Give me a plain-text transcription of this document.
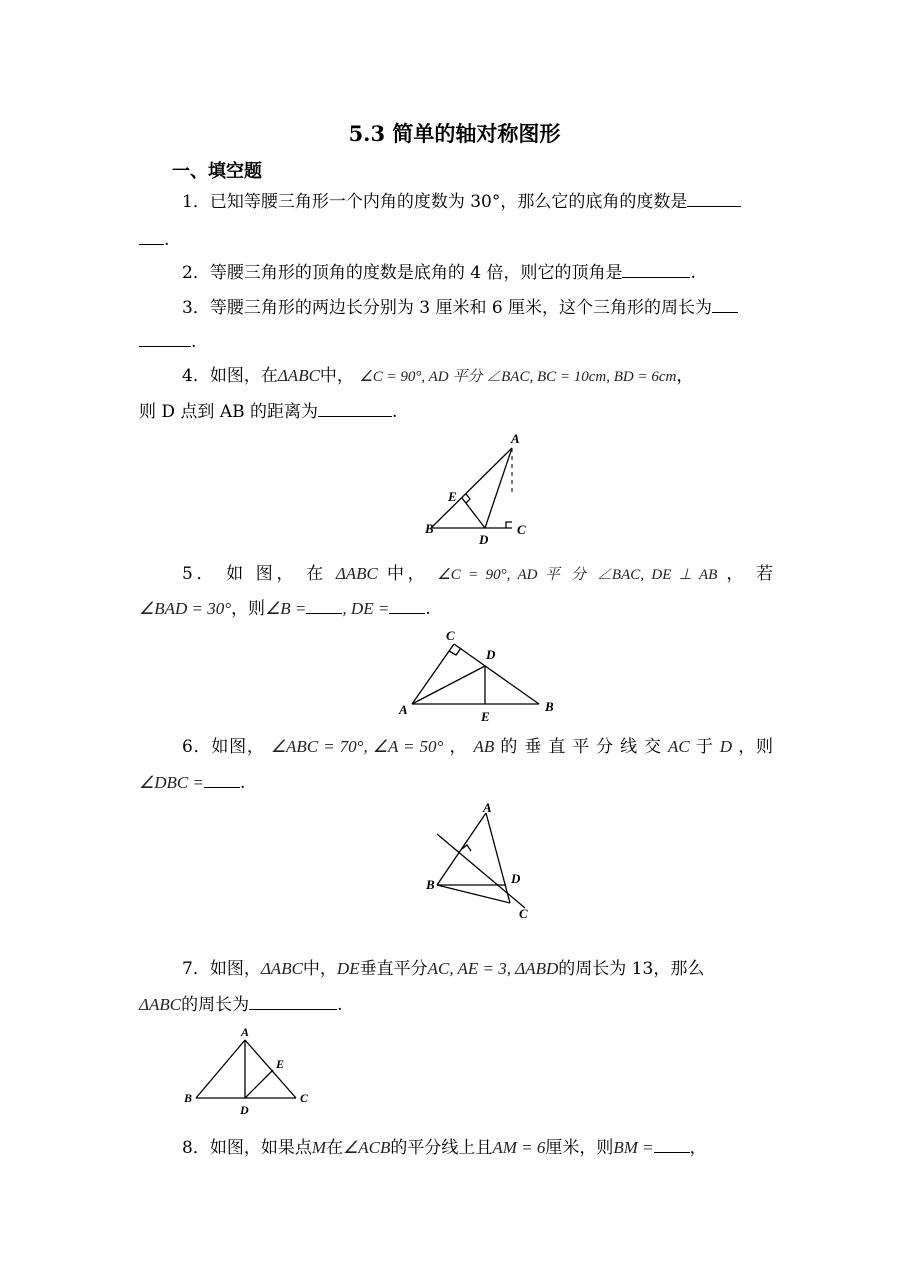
5.3 简单的轴对称图形
一、填空题
1．已知等腰三角形一个内角的度数为 30°，那么它的底角的度数是
.
2．等腰三角形的顶角的度数是底角的 4 倍，则它的顶角是	.
3．等腰三角形的两边长分别为 3 厘米和 6 厘米，这个三角形的周长为
.
4．如图，在ΔABC中， ∠C = 90°, AD 平分 ∠BAC, BC = 10cm, BD = 6cm，
则 D 点到 AB 的距离为	.
A
E
B
D
C
5． 如 图， 在 ΔABC 中， ∠C = 90°, AD 平 分 ∠BAC, DE ⊥ AB ， 若
∠BAD = 30°，则∠B = , DE = .
C
D
A	E
B
6．如图， ∠ABC = 70°, ∠A = 50° ， AB 的 垂 直 平 分 线 交 AC 于 D ，则
∠DBC = .
A
B	D
C
7．如图，ΔABC中，DE垂直平分AC, AE = 3, ΔABD的周长为 13，那么
ΔABC的周长为	.
A
E
B
D
C
8．如图，如果点M在∠ACB的平分线上且AM = 6厘米，则BM = ，
